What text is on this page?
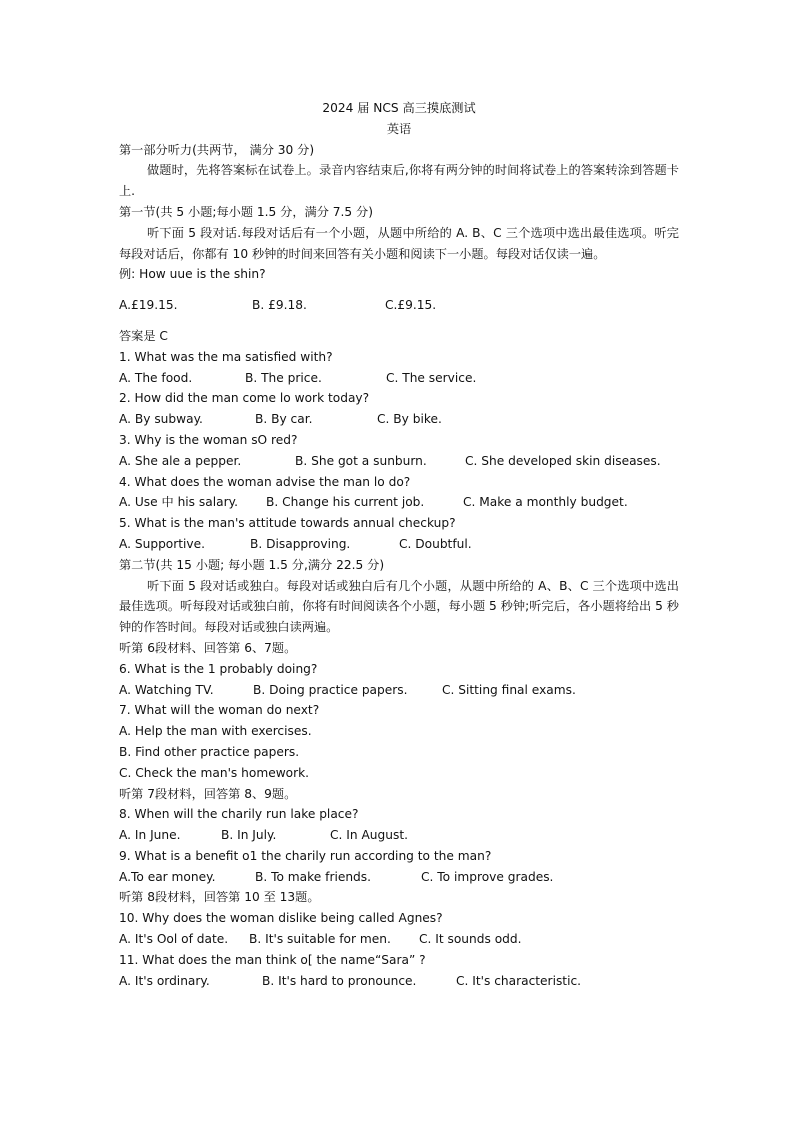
2024 届 NCS 高三摸底测试
英语
第一部分听力(共两节， 满分 30 分)
做题时，先将答案标在试卷上。录音内容结束后,你将有两分钟的时间将试卷上的答案转涂到答题卡上.
第一节(共 5 小题;每小题 1.5 分，满分 7.5 分)
听下面 5 段对话.每段对话后有一个小题，从题中所给的 A. B、C 三个选项中选出最佳选项。听完每段对话后，你都有 10 秒钟的时间来回答有关小题和阅读下一小题。每段对话仅读一遍。
例: How uue is the shin?
A.£19.15.	B. £9.18.	C.£9.15.
答案是 C
1. What was the ma satisfied with?
A. The food.	B. The price.	C. The service.
2. How did the man come lo work today?
A. By subway.	B. By car.	C. By bike.
3. Why is the woman sO red?
A. She ale a pepper.	B. She got a sunburn.	C. She developed skin diseases.
4. What does the woman advise the man lo do?
A. Use 中 his salary.	B. Change his current job.	C. Make a monthly budget.
5. What is the man's attitude towards annual checkup?
A. Supportive.	B. Disapproving.	C. Doubtful.
第二节(共 15 小题; 每小题 1.5 分,满分 22.5 分)
听下面 5 段对话或独白。每段对话或独白后有几个小题，从题中所给的 A、B、C 三个选项中选出最佳选项。听每段对话或独白前，你将有时间阅读各个小题，每小题 5 秒钟;听完后，各小题将给出 5 秒钟的作答时间。每段对话或独白读两遍。
听第 6段材料、回答第 6、7题。
6. What is the 1 probably doing?
A. Watching TV.	B. Doing practice papers.	C. Sitting final exams.
7. What will the woman do next?
A. Help the man with exercises.
B. Find other practice papers.
C. Check the man's homework.
听第 7段材料，回答第 8、9题。
8. When will the charily run lake place?
A. In June.	B. In July.	C. In August.
9. What is a benefit o1 the charily run according to the man?
A.To ear money.	B. To make friends.	C. To improve grades.
听第 8段材料，回答第 10 至 13题。
10. Why does the woman dislike being called Agnes?
A. It's Ool of date.	B. It's suitable for men.	C. It sounds odd.
11. What does the man think o[ the name“Sara” ?
A. It's ordinary.	B. It's hard to pronounce.	C. It's characteristic.
